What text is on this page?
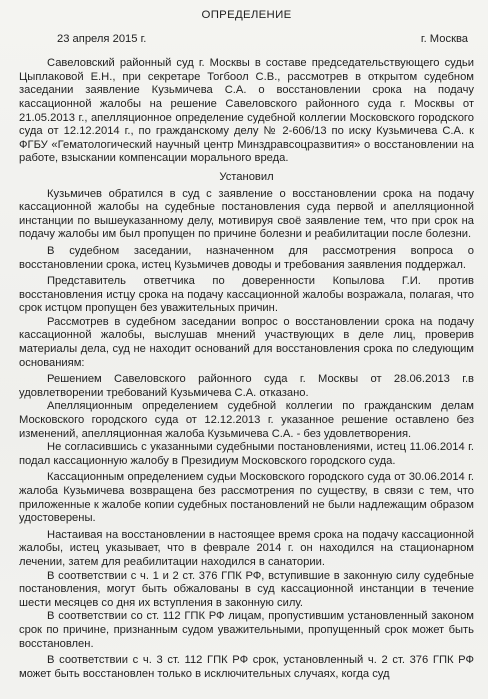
ОПРЕДЕЛЕНИЕ
23 апреля 2015 г.	г. Москва

Савеловский районный суд г. Москвы в составе председательствующего судьи Цыплаковой Е.Н., при секретаре Тогбоол С.В., рассмотрев в открытом судебном заседании заявление Кузьмичева С.А. о восстановлении срока на подачу кассационной жалобы на решение Савеловского районного суда г. Москвы от 21.05.2013 г., апелляционное определение судебной коллегии Московского городского суда от 12.12.2014 г., по гражданскому делу № 2-606/13 по иску Кузьмичева С.А. к ФГБУ «Гематологический научный центр Минздравсоцразвития» о восстановлении на работе, взыскании компенсации морального вреда.

Установил

Кузьмичев обратился в суд с заявление о восстановлении срока на подачу кассационной жалобы на судебные постановления суда первой и апелляционной инстанции по вышеуказанному делу, мотивируя своё заявление тем, что при срок на подачу жалобы им был пропущен по причине болезни и реабилитации после болезни.

В судебном заседании, назначенном для рассмотрения вопроса о восстановлении срока, истец Кузьмичев доводы и требования заявления поддержал.

Представитель ответчика по доверенности Копылова Г.И. против восстановления истцу срока на подачу кассационной жалобы возражала, полагая, что срок истцом пропущен без уважительных причин.

Рассмотрев в судебном заседании вопрос о восстановлении срока на подачу кассационной жалобы, выслушав мнений участвующих в деле лиц, проверив материалы дела, суд не находит оснований для восстановления срока по следующим основаниям:

Решением Савеловского районного суда г. Москвы от 28.06.2013 г.в удовлетворении требований Кузьмичева С.А. отказано.

Апелляционным определением судебной коллегии по гражданским делам Московского городского суда от 12.12.2013 г. указанное решение оставлено без изменений, апелляционная жалоба Кузьмичева С.А. - без удовлетворения.

Не согласившись с указанными судебными постановлениями, истец 11.06.2014 г. подал кассационную жалобу в Президиум Московского городского суда.

Кассационным определением судьи Московского городского суда от 30.06.2014 г. жалоба Кузьмичева возвращена без рассмотрения по существу, в связи с тем, что приложенные к жалобе копии судебных постановлений не были надлежащим образом удостоверены.

Настаивая на восстановлении в настоящее время срока на подачу кассационной жалобы, истец указывает, что в феврале 2014 г. он находился на стационарном лечении, затем для реабилитации находился в санатории.

В соответствии с ч. 1 и 2 ст. 376 ГПК РФ, вступившие в законную силу судебные постановления, могут быть обжалованы в суд кассационной инстанции в течение шести месяцев со дня их вступления в законную силу.

В соответствии со ст. 112 ГПК РФ лицам, пропустившим установленный законом срок по причине, признанным судом уважительными, пропущенный срок может быть восстановлен.

В соответствии с ч. 3 ст. 112 ГПК РФ срок, установленный ч. 2 ст. 376 ГПК РФ может быть восстановлен только в исключительных случаях, когда суд
